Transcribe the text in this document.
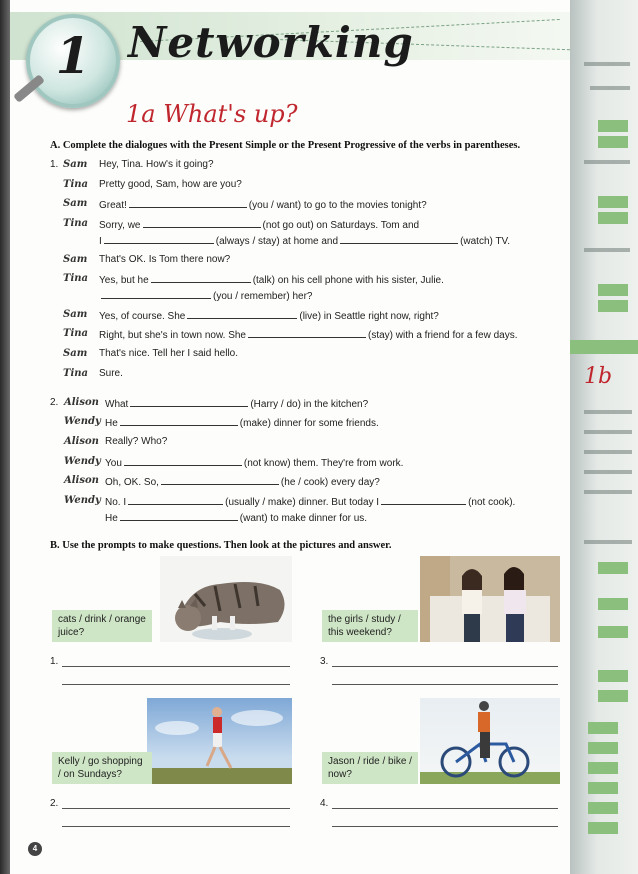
1 Networking
1a What's up?
A. Complete the dialogues with the Present Simple or the Present Progressive of the verbs in parentheses.
1. Sam Hey, Tina. How's it going?
Tina Pretty good, Sam, how are you?
Sam Great!	(you / want) to go to the movies tonight?
Tina Sorry, we	(not go out) on Saturdays. Tom and
I	(always / stay) at home and	(watch) TV.
Sam That's OK. Is Tom there now?
Tina Yes, but he	(talk) on his cell phone with his sister, Julie.
(you / remember) her?
Sam Yes, of course. She	(live) in Seattle right now, right?
Tina Right, but she's in town now. She	(stay) with a friend for a few days.
Sam That's nice. Tell her I said hello.
Tina Sure.
2. Alison What	(Harry / do) in the kitchen?
Wendy He	(make) dinner for some friends.
Alison Really? Who?
Wendy You	(not know) them. They're from work.
Alison Oh, OK. So,	(he / cook) every day?
Wendy No. I	(usually / make) dinner. But today I	(not cook).
He	(want) to make dinner for us.
B. Use the prompts to make questions. Then look at the pictures and answer.
cats / drink / orange juice?
the girls / study / this weekend?
1.	3.
Kelly / go shopping / on Sundays?
Jason / ride / bike / now?
2.	4.
4
1b
